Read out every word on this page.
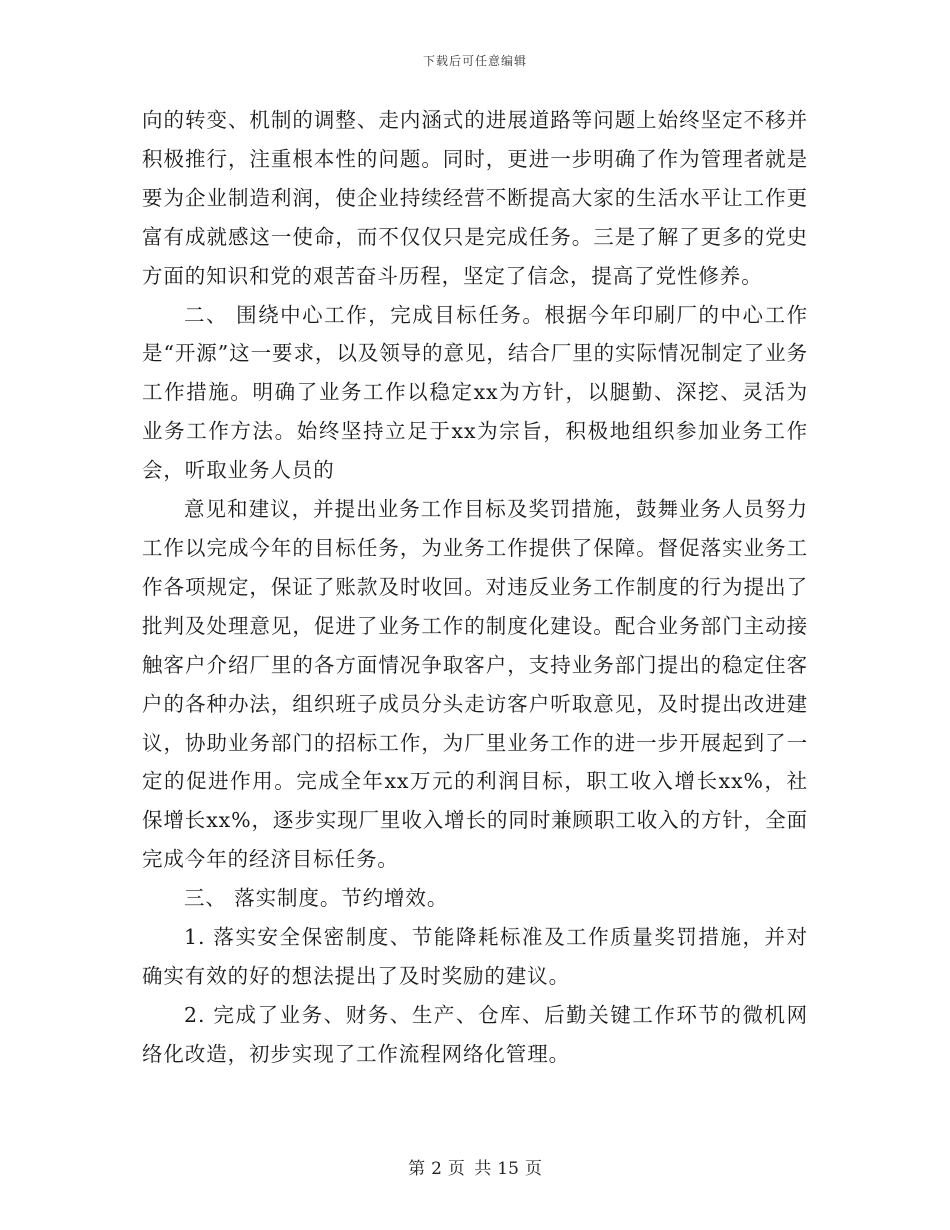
下载后可任意编辑

向的转变、机制的调整、走内涵式的进展道路等问题上始终坚定不移并积极推行，注重根本性的问题。同时，更进一步明确了作为管理者就是要为企业制造利润，使企业持续经营不断提高大家的生活水平让工作更富有成就感这一使命，而不仅仅只是完成任务。三是了解了更多的党史方面的知识和党的艰苦奋斗历程，坚定了信念，提高了党性修养。

二、 围绕中心工作，完成目标任务。根据今年印刷厂的中心工作是“开源”这一要求，以及领导的意见，结合厂里的实际情况制定了业务工作措施。明确了业务工作以稳定xx为方针，以腿勤、深挖、灵活为业务工作方法。始终坚持立足于xx为宗旨，积极地组织参加业务工作会，听取业务人员的

意见和建议，并提出业务工作目标及奖罚措施，鼓舞业务人员努力工作以完成今年的目标任务，为业务工作提供了保障。督促落实业务工作各项规定，保证了账款及时收回。对违反业务工作制度的行为提出了批判及处理意见，促进了业务工作的制度化建设。配合业务部门主动接触客户介绍厂里的各方面情况争取客户，支持业务部门提出的稳定住客户的各种办法，组织班子成员分头走访客户听取意见，及时提出改进建议，协助业务部门的招标工作，为厂里业务工作的进一步开展起到了一定的促进作用。完成全年xx万元的利润目标，职工收入增长xx%，社保增长xx%，逐步实现厂里收入增长的同时兼顾职工收入的方针，全面完成今年的经济目标任务。

三、 落实制度。节约增效。

1. 落实安全保密制度、节能降耗标准及工作质量奖罚措施，并对确实有效的好的想法提出了及时奖励的建议。

2. 完成了业务、财务、生产、仓库、后勤关键工作环节的微机网络化改造，初步实现了工作流程网络化管理。

第 2 页 共 15 页
